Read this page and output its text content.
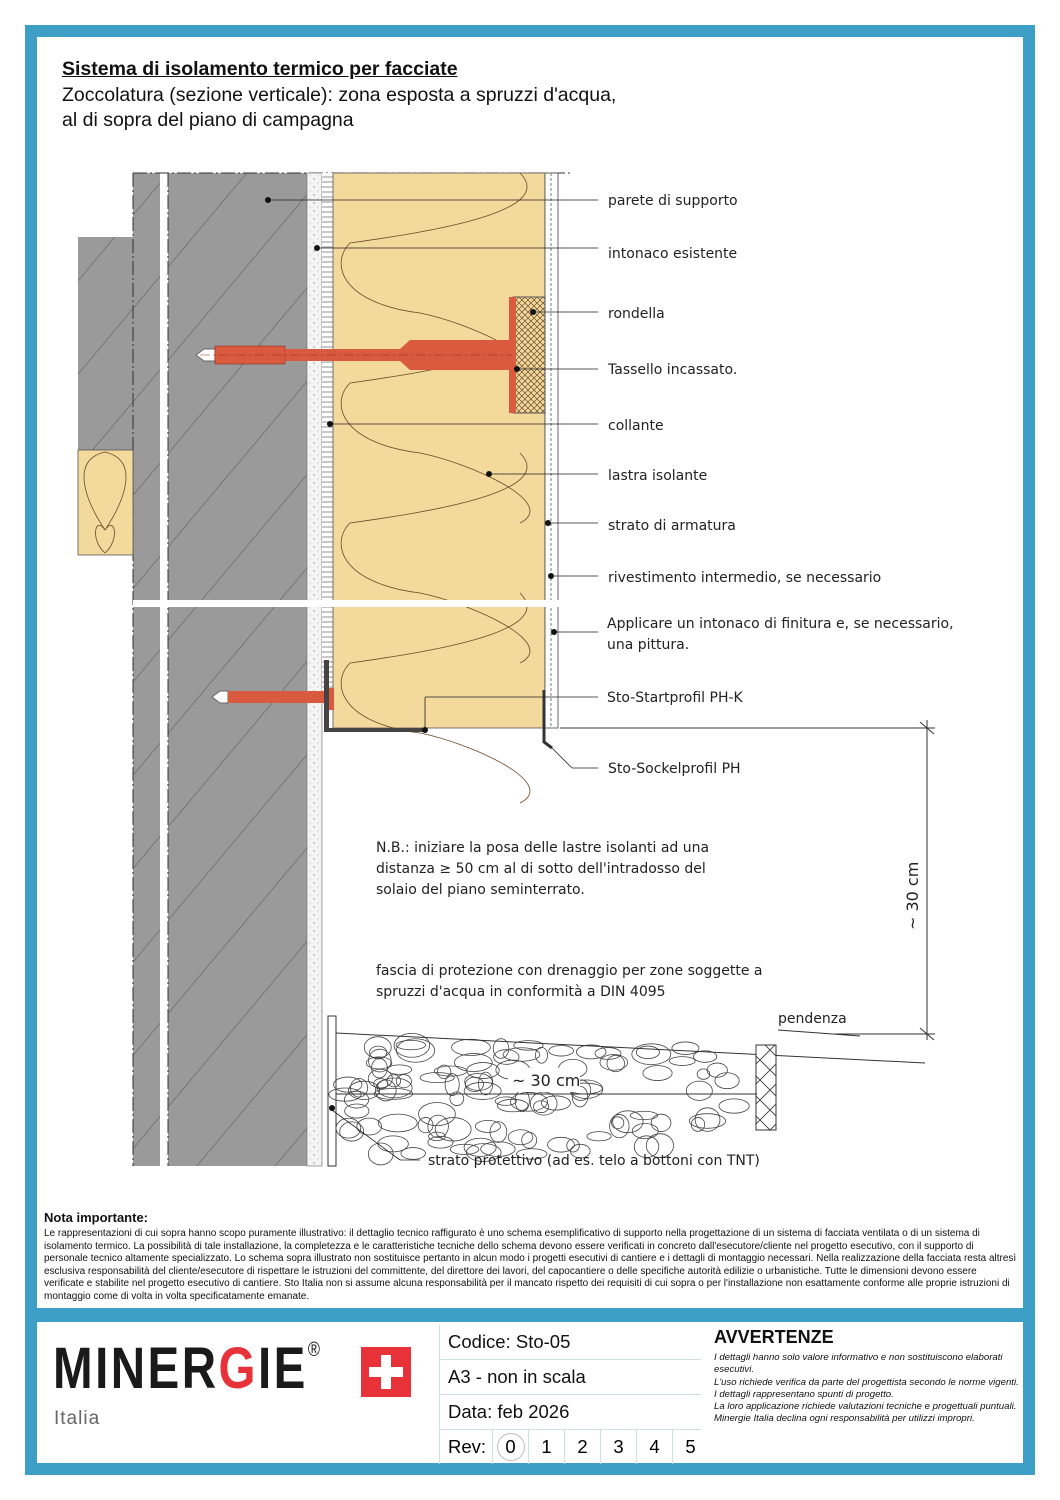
Sistema di isolamento termico per facciate
Zoccolatura (sezione verticale): zona esposta a spruzzi d'acqua,
al di sopra del piano di campagna
parete di supporto
intonaco esistente
rondella
Tassello incassato.
collante
lastra isolante
strato di armatura
rivestimento intermedio, se necessario
Applicare un intonaco di finitura e, se necessario,
una pittura.
Sto-Startprofil PH-K
Sto-Sockelprofil PH
N.B.: iniziare la posa delle lastre isolanti ad una
distanza ≥ 50 cm al di sotto dell'intradosso del
solaio del piano seminterrato.
fascia di protezione con drenaggio per zone soggette a
spruzzi d'acqua in conformità a DIN 4095
~ 30 cm
~ 30 cm
pendenza
strato protettivo (ad es. telo a bottoni con TNT)
Nota importante:
Le rappresentazioni di cui sopra hanno scopo puramente illustrativo: il dettaglio tecnico raffigurato è uno schema esemplificativo di supporto nella progettazione di un sistema di facciata ventilata o di un sistema di isolamento termico. La possibilità di tale installazione, la completezza e le caratteristiche tecniche dello schema devono essere verificati in concreto dall'esecutore/cliente nel progetto esecutivo, con il supporto di personale tecnico altamente specializzato. Lo schema sopra illustrato non sostituisce pertanto in alcun modo i progetti esecutivi di cantiere e i dettagli di montaggio necessari. Nella realizzazione della facciata resta altresì esclusiva responsabilità del cliente/esecutore di rispettare le istruzioni del committente, del direttore dei lavori, del capocantiere o delle specifiche autorità edilizie o urbanistiche. Tutte le dimensioni devono essere verificate e stabilite nel progetto esecutivo di cantiere. Sto Italia non si assume alcuna responsabilità per il mancato rispetto dei requisiti di cui sopra o per l'installazione non esattamente conforme alle proprie istruzioni di montaggio come di volta in volta specificatamente emanate.
MINERGIE®
Italia
Codice: Sto-05
A3 - non in scala
Data: feb 2026
Rev:	0	1	2	3	4	5
AVVERTENZE

I dettagli hanno solo valore informativo e non sostituiscono elaborati esecutivi.
L'uso richiede verifica da parte del progettista secondo le norme vigenti.
I dettagli rappresentano spunti di progetto.
La loro applicazione richiede valutazioni tecniche e progettuali puntuali.
Minergie Italia declina ogni responsabilità per utilizzi impropri.
